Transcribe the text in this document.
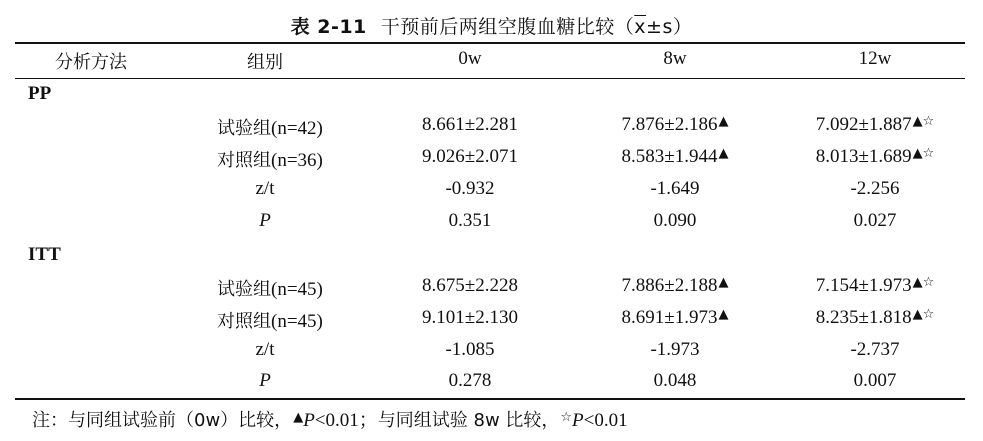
表 2-11 干预前后两组空腹血糖比较$(\overline{x}\pm s)$
分析方法	组别	0w	8w	12w
PP
试验组(n=42)	8.661±2.281	7.876±2.186▲	7.092±1.887▲☆
对照组(n=36)	9.026±2.071	8.583±1.944▲	8.013±1.689▲☆
z/t	-0.932	-1.649	-2.256
P	0.351	0.090	0.027
ITT
试验组(n=45)	8.675±2.228	7.886±2.188▲	7.154±1.973▲☆
对照组(n=45)	9.101±2.130	8.691±1.973▲	8.235±1.818▲☆
z/t	-1.085	-1.973	-2.737
P	0.278	0.048	0.007
注：与同组试验前（0w）比较，▲P<0.01；与同组试验 8w 比较，☆P<0.01
